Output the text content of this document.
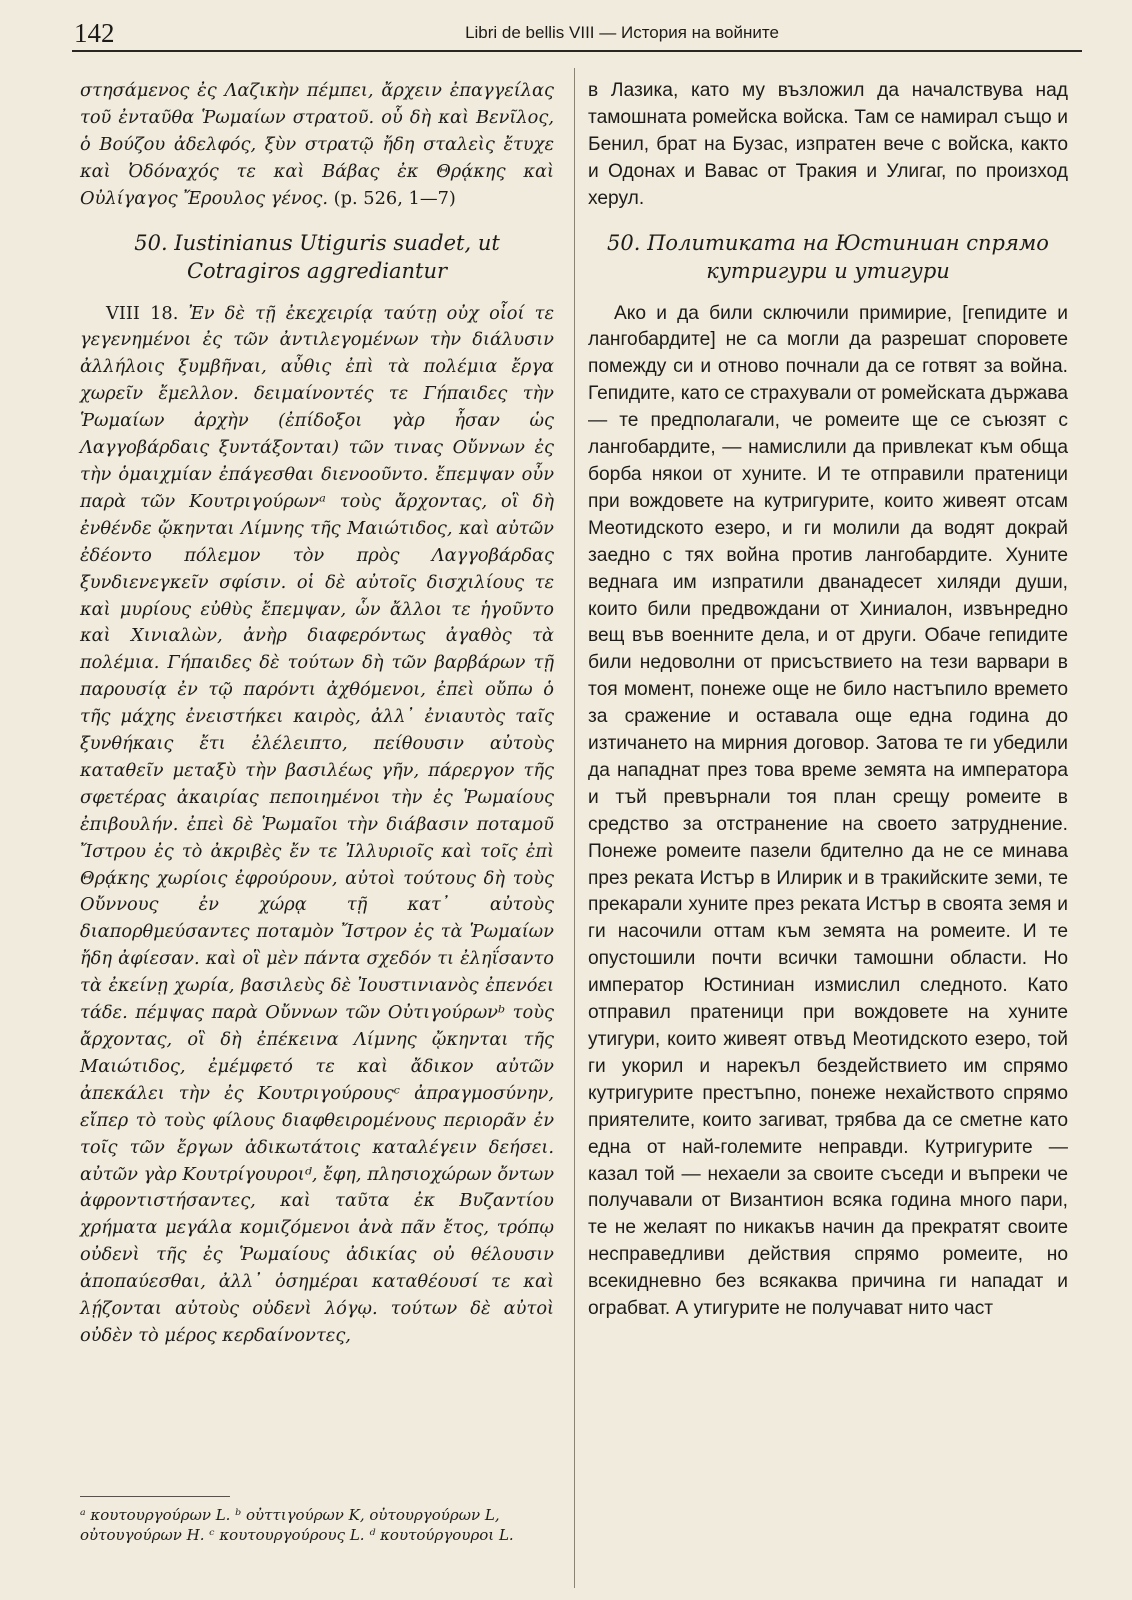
142	Libri de bellis VIII — История на войните

στησάμενος ἐς Λαζικὴν πέμπει, ἄρχειν ἐπαγγείλας τοῦ ἐνταῦθα Ῥωμαίων στρατοῦ. οὗ δὴ καὶ Βενῖλος, ὁ Βούζου ἀδελφός, ξὺν στρατῷ ἤδη σταλεὶς ἔτυχε καὶ Ὀδόναχός τε καὶ Βάβας ἐκ Θρᾴκης καὶ Οὐλίγαγος Ἔρουλος γένος. (p. 526, 1—7)

50. Iustinianus Utiguris suadet, ut
Cotragiros aggrediantur

VIII 18. Ἐν δὲ τῇ ἐκεχειρίᾳ ταύτῃ οὐχ οἷοί τε γεγενημένοι ἐς τῶν ἀντιλεγομένων τὴν διάλυσιν ἀλλήλοις ξυμβῆναι, αὖθις ἐπὶ τὰ πολέμια ἔργα χωρεῖν ἔμελλον. δειμαίνοντές τε Γήπαιδες τὴν Ῥωμαίων ἀρχὴν (ἐπίδοξοι γὰρ ἦσαν ὡς Λαγγοβάρδαις ξυντάξονται) τῶν τινας Οὔννων ἐς τὴν ὁμαιχμίαν ἐπάγεσθαι διενοοῦντο. ἔπεμψαν οὖν παρὰ τῶν Κουτριγούρωνᵃ τοὺς ἄρχοντας, οἳ δὴ ἐνθένδε ᾤκηνται Λίμνης τῆς Μαιώτιδος, καὶ αὐτῶν ἐδέοντο πόλεμον τὸν πρὸς Λαγγοβάρδας ξυνδιενεγκεῖν σφίσιν. οἱ δὲ αὐτοῖς δισχιλίους τε καὶ μυρίους εὐθὺς ἔπεμψαν, ὧν ἄλλοι τε ἡγοῦντο καὶ Χινιαλὼν, ἀνὴρ διαφερόντως ἀγαθὸς τὰ πολέμια. Γήπαιδες δὲ τούτων δὴ τῶν βαρβάρων τῇ παρουσίᾳ ἐν τῷ παρόντι ἀχθόμενοι, ἐπεὶ οὔπω ὁ τῆς μάχης ἐνειστήκει καιρὸς, ἀλλ᾽ ἐνιαυτὸς ταῖς ξυνθήκαις ἔτι ἐλέλειπτο, πείθουσιν αὐτοὺς καταθεῖν μεταξὺ τὴν βασιλέως γῆν, πάρεργον τῆς σφετέρας ἀκαιρίας πεποιημένοι τὴν ἐς Ῥωμαίους ἐπιβουλήν. ἐπεὶ δὲ Ῥωμαῖοι τὴν διάβασιν ποταμοῦ Ἴστρου ἐς τὸ ἀκριβὲς ἔν τε Ἰλλυριοῖς καὶ τοῖς ἐπὶ Θρᾴκης χωρίοις ἐφρούρουν, αὐτοὶ τούτους δὴ τοὺς Οὔννους ἐν χώρᾳ τῇ κατ᾽ αὐτοὺς διαπορθμεύσαντες ποταμὸν Ἴστρον ἐς τὰ Ῥωμαίων ἤδη ἀφίεσαν. καὶ οἳ μὲν πάντα σχεδόν τι ἐληΐσαντο τὰ ἐκείνῃ χωρία, βασιλεὺς δὲ Ἰουστινιανὸς ἐπενόει τάδε. πέμψας παρὰ Οὔννων τῶν Οὐτιγούρωνᵇ τοὺς ἄρχοντας, οἳ δὴ ἐπέκεινα Λίμνης ᾤκηνται τῆς Μαιώτιδος, ἐμέμφετό τε καὶ ἄδικον αὐτῶν ἀπεκάλει τὴν ἐς Κουτριγούρουςᶜ ἀπραγμοσύνην, εἴπερ τὸ τοὺς φίλους διαφθειρομένους περιορᾶν ἐν τοῖς τῶν ἔργων ἀδικωτάτοις καταλέγειν δεήσει. αὐτῶν γὰρ Κουτρίγουροιᵈ, ἔφη, πλησιοχώρων ὄντων ἀφροντιστήσαντες, καὶ ταῦτα ἐκ Βυζαντίου χρήματα μεγάλα κομιζόμενοι ἀνὰ πᾶν ἔτος, τρόπῳ οὐδενὶ τῆς ἐς Ῥωμαίους ἀδικίας οὐ θέλουσιν ἀποπαύεσθαι, ἀλλ᾽ ὁσημέραι καταθέουσί τε καὶ λῄζονται αὐτοὺς οὐδενὶ λόγῳ. τούτων δὲ αὐτοὶ οὐδὲν τὸ μέρος κερδαίνοντες,

в Лазика, като му възложил да началствува над тамошната ромейска войска. Там се намирал също и Бенил, брат на Бузас, изпратен вече с войска, както и Одонах и Вавас от Тракия и Улигаг, по произход херул.

50. Политиката на Юстиниан спрямо
кутригури и утигури

Ако и да били сключили примирие, [гепидите и лангобардите] не са могли да разрешат споровете помежду си и отново почнали да се готвят за война. Гепидите, като се страхували от ромейската държава — те предполагали, че ромеите ще се съюзят с лангобардите, — намислили да привлекат към обща борба някои от хуните. И те отправили пратеници при вождовете на кутригурите, които живеят отсам Меотидското езеро, и ги молили да водят докрай заедно с тях война против лангобардите. Хуните веднага им изпратили дванадесет хиляди души, които били предвождани от Хиниалон, извънредно вещ във военните дела, и от други. Обаче гепидите били недоволни от присъствието на тези варвари в тоя момент, понеже още не било настъпило времето за сражение и оставала още една година до изтичането на мирния договор. Затова те ги убедили да нападнат през това време земята на императора и тъй превърнали тоя план срещу ромеите в средство за отстранение на своето затруднение. Понеже ромеите пазели бдително да не се минава през реката Истър в Илирик и в тракийските земи, те прекарали хуните през реката Истър в своята земя и ги насочили оттам към земята на ромеите. И те опустошили почти всички тамошни области. Но император Юстиниан измислил следното. Като отправил пратеници при вождовете на хуните утигури, които живеят отвъд Меотидското езеро, той ги укорил и нарекъл бездействието им спрямо кутригурите престъпно, понеже нехайството спрямо приятелите, които загиват, трябва да се сметне като една от най-големите неправди. Кутригурите — казал той — нехаели за своите съседи и въпреки че получавали от Византион всяка година много пари, те не желаят по никакъв начин да прекратят своите несправедливи действия спрямо ромеите, но всекидневно без всякаква причина ги нападат и ограбват. А утигурите не получават нито част

ᵃ κουτουργούρων L. ᵇ οὐττιγούρων K, οὐτουργούρων L, οὐτουγούρων H. ᶜ κουτουργούρους L. ᵈ κουτούργουροι L.
